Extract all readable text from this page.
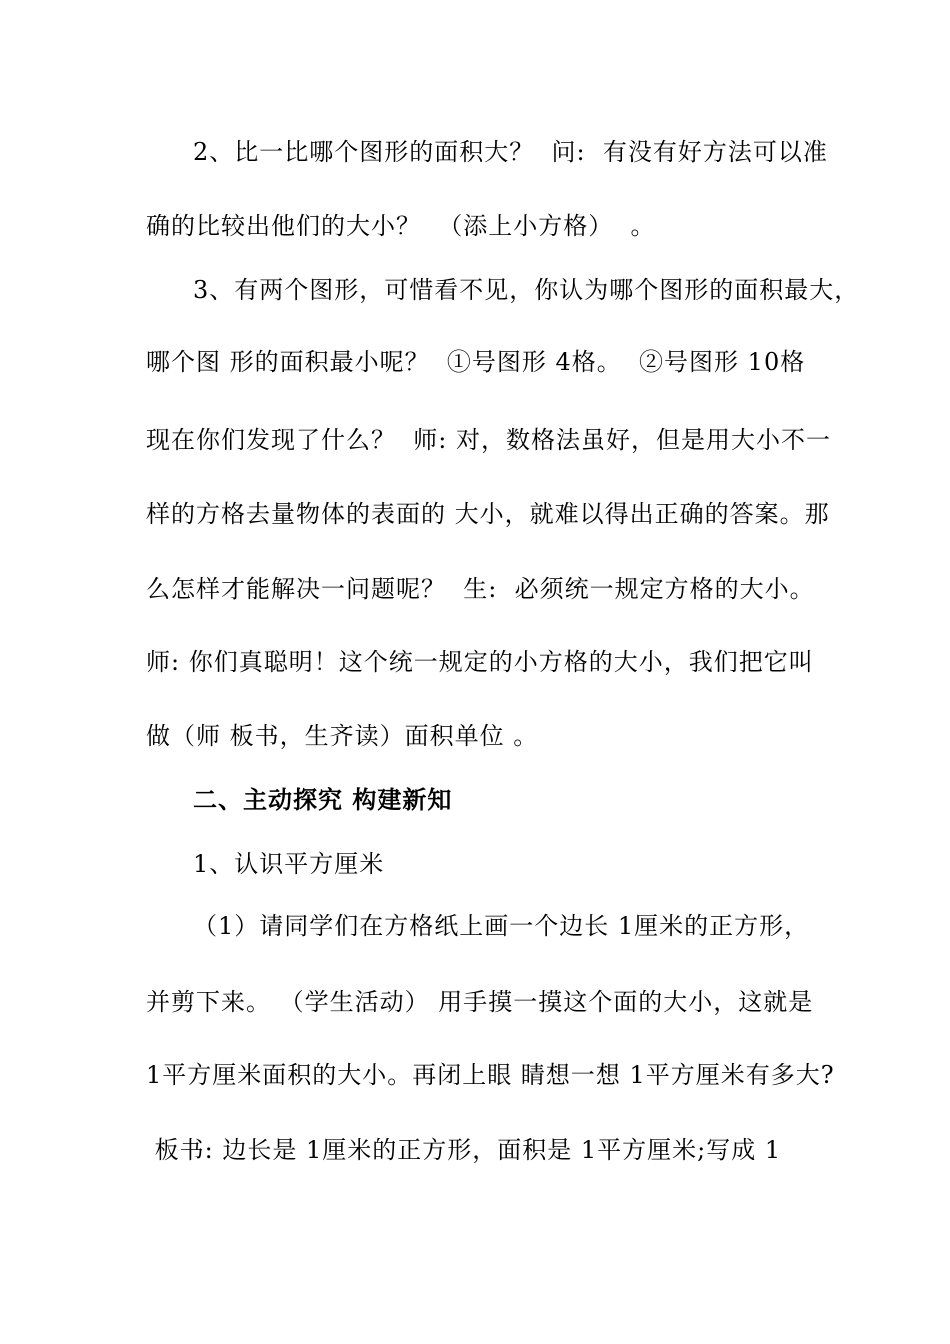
2、比一比哪个图形的面积大？  问:  有没有好方法可以准
确的比较出他们的大小？  （添上小方格）  。
3、有两个图形，可惜看不见，你认为哪个图形的面积最大，
哪个图 形的面积最小呢？  ①号图形 4格。  ②号图形 10格
现在你们发现了什么？  师: 对，数格法虽好，但是用大小不一
样的方格去量物体的表面的 大小，就难以得出正确的答案。那
么怎样才能解决一问题呢？  生:  必须统一规定方格的大小。
师: 你们真聪明！这个统一规定的小方格的大小，我们把它叫
做（师 板书，生齐读）面积单位 。
二、主动探究 构建新知
1、认识平方厘米
（1）请同学们在方格纸上画一个边长 1厘米的正方形，
并剪下来。 （学生活动） 用手摸一摸这个面的大小，这就是
1平方厘米面积的大小。再闭上眼 睛想一想 1平方厘米有多大?
板书: 边长是 1厘米的正方形，面积是 1平方厘米;写成 1
